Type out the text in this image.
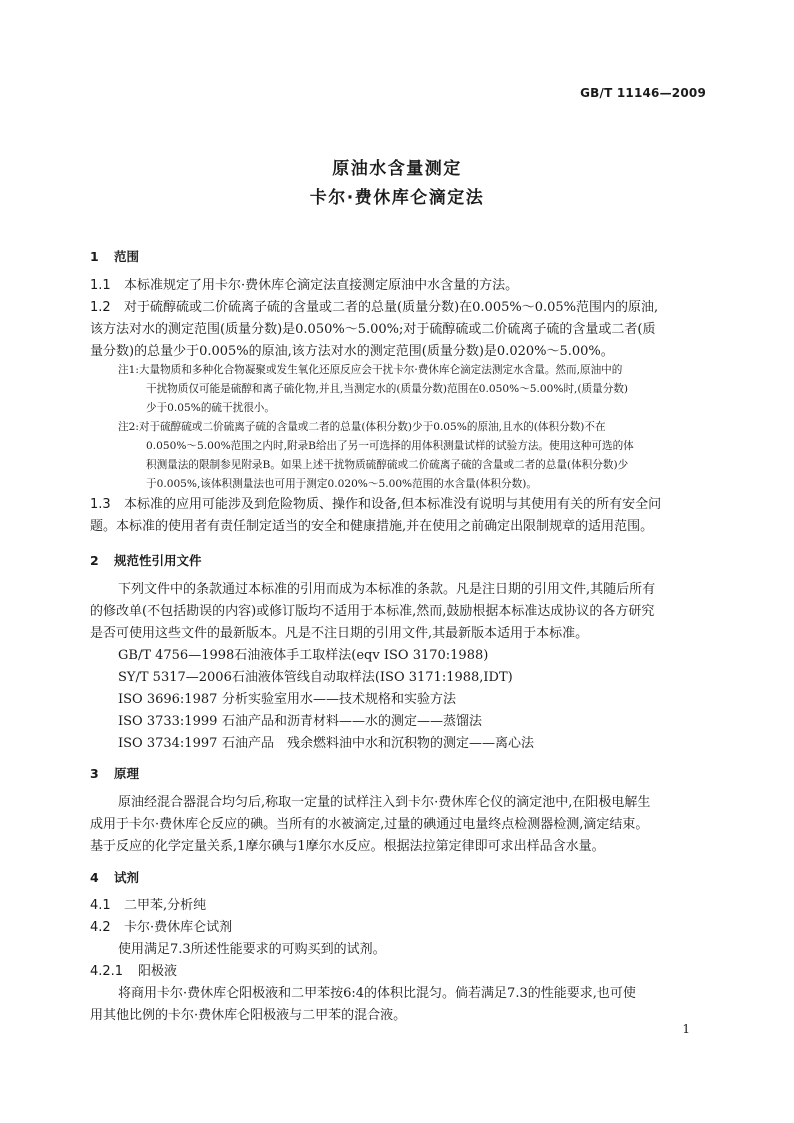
GB/T 11146—2009
原油水含量测定
卡尔·费休库仑滴定法
1 范围
1.1 本标准规定了用卡尔·费休库仑滴定法直接测定原油中水含量的方法。
1.2 对于硫醇硫或二价硫离子硫的含量或二者的总量(质量分数)在0.005%～0.05%范围内的原油,
该方法对水的测定范围(质量分数)是0.050%～5.00%;对于硫醇硫或二价硫离子硫的含量或二者(质
量分数)的总量少于0.005%的原油,该方法对水的测定范围(质量分数)是0.020%～5.00%。
注1:大量物质和多种化合物凝聚或发生氧化还原反应会干扰卡尔·费休库仑滴定法测定水含量。然而,原油中的
干扰物质仅可能是硫醇和离子硫化物,并且,当测定水的(质量分数)范围在0.050%～5.00%时,(质量分数)
少于0.05%的硫干扰很小。
注2:对于硫醇硫或二价硫离子硫的含量或二者的总量(体积分数)少于0.05%的原油,且水的(体积分数)不在
0.050%～5.00%范围之内时,附录B给出了另一可选择的用体积测量试样的试验方法。使用这种可选的体
积测量法的限制参见附录B。如果上述干扰物质硫醇硫或二价硫离子硫的含量或二者的总量(体积分数)少
于0.005%,该体积测量法也可用于测定0.020%～5.00%范围的水含量(体积分数)。
1.3 本标准的应用可能涉及到危险物质、操作和设备,但本标准没有说明与其使用有关的所有安全问
题。本标准的使用者有责任制定适当的安全和健康措施,并在使用之前确定出限制规章的适用范围。
2 规范性引用文件
下列文件中的条款通过本标准的引用而成为本标准的条款。凡是注日期的引用文件,其随后所有
的修改单(不包括勘误的内容)或修订版均不适用于本标准,然而,鼓励根据本标准达成协议的各方研究
是否可使用这些文件的最新版本。凡是不注日期的引用文件,其最新版本适用于本标准。
GB/T 4756—1998石油液体手工取样法(eqv ISO 3170:1988)
SY/T 5317—2006石油液体管线自动取样法(ISO 3171:1988,IDT)
ISO 3696:1987 分析实验室用水——技术规格和实验方法
ISO 3733:1999 石油产品和沥青材料——水的测定——蒸馏法
ISO 3734:1997 石油产品　残余燃料油中水和沉积物的测定——离心法
3 原理
原油经混合器混合均匀后,称取一定量的试样注入到卡尔·费休库仑仪的滴定池中,在阳极电解生
成用于卡尔·费休库仑反应的碘。当所有的水被滴定,过量的碘通过电量终点检测器检测,滴定结束。
基于反应的化学定量关系,1摩尔碘与1摩尔水反应。根据法拉第定律即可求出样品含水量。
4 试剂
4.1 二甲苯,分析纯
4.2 卡尔·费休库仑试剂
使用满足7.3所述性能要求的可购买到的试剂。
4.2.1 阳极液
将商用卡尔·费休库仑阳极液和二甲苯按6:4的体积比混匀。倘若满足7.3的性能要求,也可使
用其他比例的卡尔·费休库仑阳极液与二甲苯的混合液。
1
